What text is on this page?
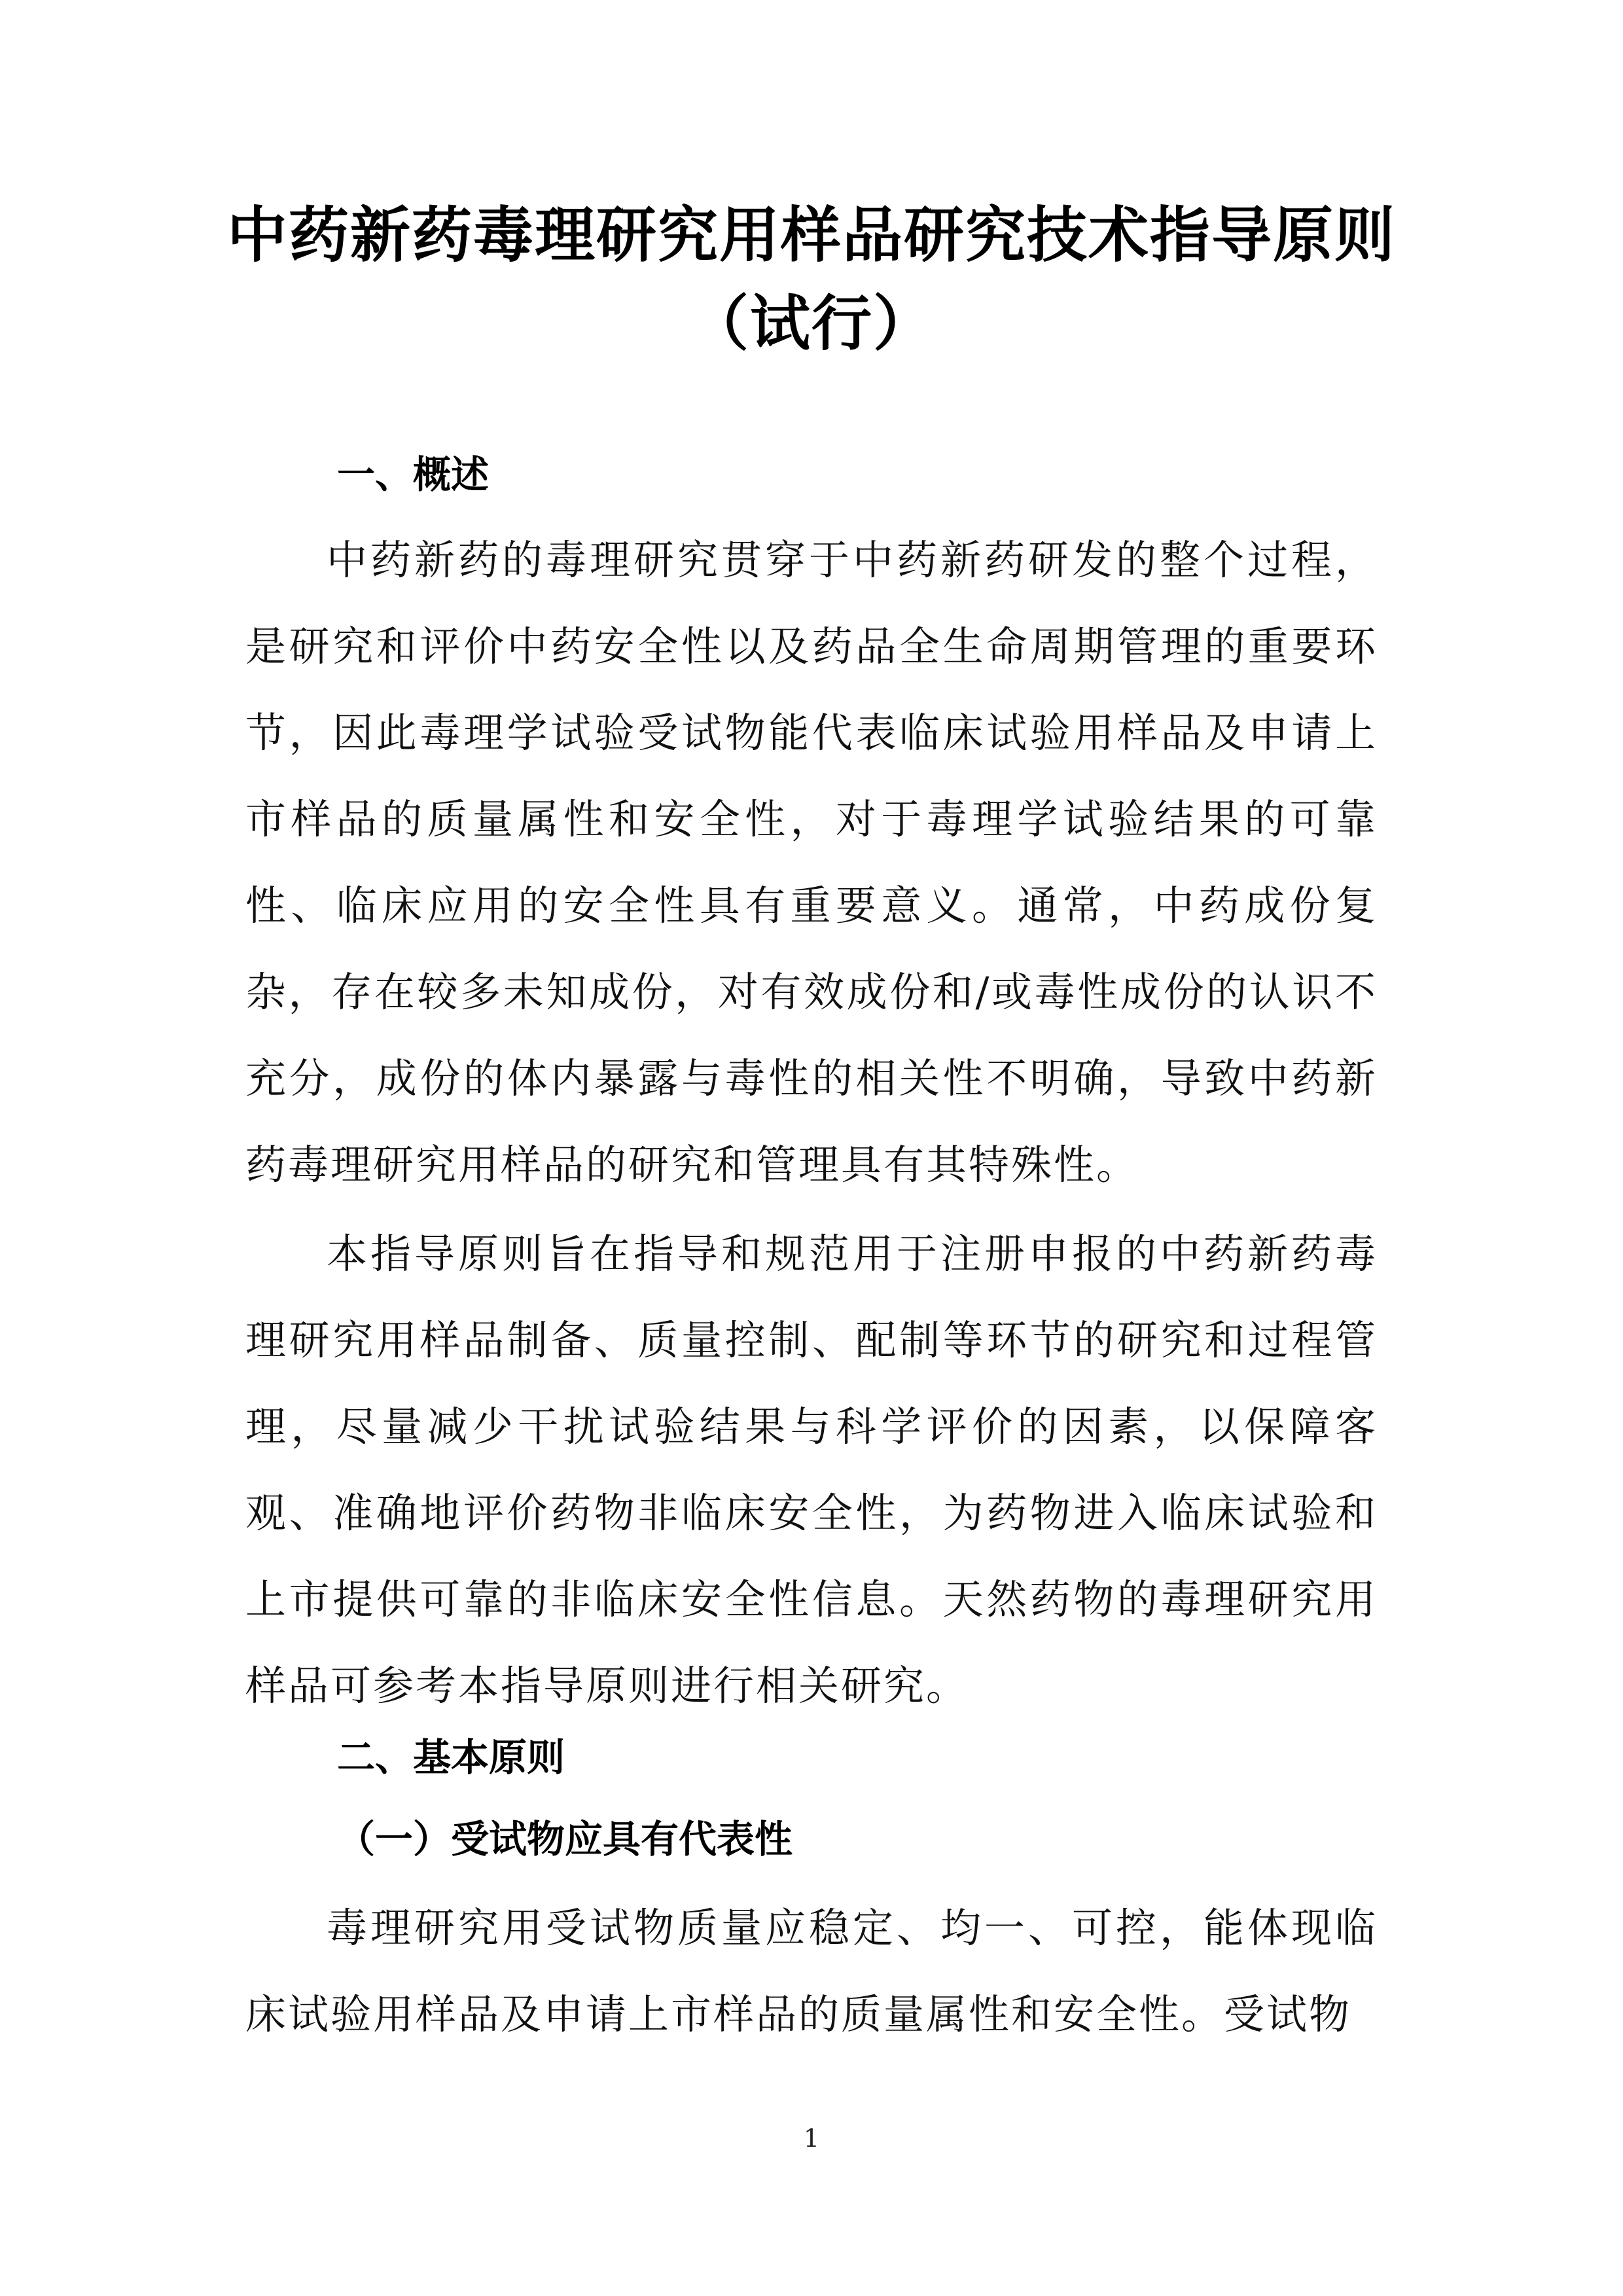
中药新药毒理研究用样品研究技术指导原则
（试行）
一、概述

中药新药的毒理研究贯穿于中药新药研发的整个过程，是研究和评价中药安全性以及药品全生命周期管理的重要环节，因此毒理学试验受试物能代表临床试验用样品及申请上市样品的质量属性和安全性，对于毒理学试验结果的可靠性、临床应用的安全性具有重要意义。通常，中药成份复杂，存在较多未知成份，对有效成份和/或毒性成份的认识不充分，成份的体内暴露与毒性的相关性不明确，导致中药新药毒理研究用样品的研究和管理具有其特殊性。

本指导原则旨在指导和规范用于注册申报的中药新药毒理研究用样品制备、质量控制、配制等环节的研究和过程管理，尽量减少干扰试验结果与科学评价的因素，以保障客观、准确地评价药物非临床安全性，为药物进入临床试验和上市提供可靠的非临床安全性信息。天然药物的毒理研究用样品可参考本指导原则进行相关研究。

二、基本原则
（一）受试物应具有代表性

毒理研究用受试物质量应稳定、均一、可控，能体现临床试验用样品及申请上市样品的质量属性和安全性。受试物

1
